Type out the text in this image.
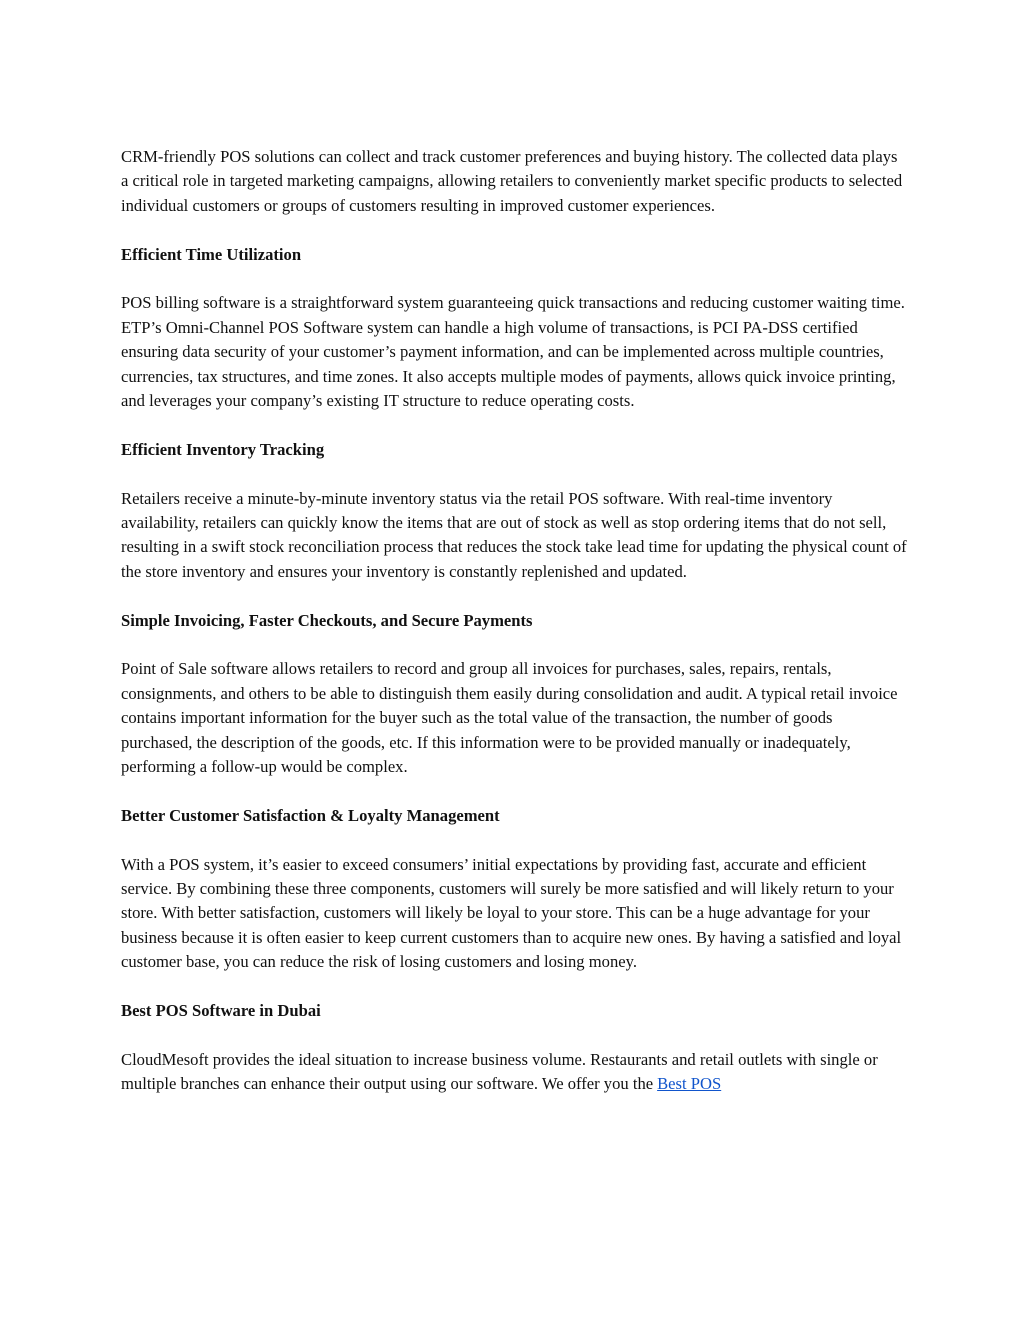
CRM-friendly POS solutions can collect and track customer preferences and buying history. The collected data plays a critical role in targeted marketing campaigns, allowing retailers to conveniently market specific products to selected individual customers or groups of customers resulting in improved customer experiences.

Efficient Time Utilization

POS billing software is a straightforward system guaranteeing quick transactions and reducing customer waiting time. ETP’s Omni-Channel POS Software system can handle a high volume of transactions, is PCI PA-DSS certified ensuring data security of your customer’s payment information, and can be implemented across multiple countries, currencies, tax structures, and time zones. It also accepts multiple modes of payments, allows quick invoice printing, and leverages your company’s existing IT structure to reduce operating costs.

Efficient Inventory Tracking

Retailers receive a minute-by-minute inventory status via the retail POS software. With real-time inventory availability, retailers can quickly know the items that are out of stock as well as stop ordering items that do not sell, resulting in a swift stock reconciliation process that reduces the stock take lead time for updating the physical count of the store inventory and ensures your inventory is constantly replenished and updated.

Simple Invoicing, Faster Checkouts, and Secure Payments

Point of Sale software allows retailers to record and group all invoices for purchases, sales, repairs, rentals, consignments, and others to be able to distinguish them easily during consolidation and audit. A typical retail invoice contains important information for the buyer such as the total value of the transaction, the number of goods purchased, the description of the goods, etc. If this information were to be provided manually or inadequately, performing a follow-up would be complex.

Better Customer Satisfaction & Loyalty Management

With a POS system, it’s easier to exceed consumers’ initial expectations by providing fast, accurate and efficient service. By combining these three components, customers will surely be more satisfied and will likely return to your store. With better satisfaction, customers will likely be loyal to your store. This can be a huge advantage for your business because it is often easier to keep current customers than to acquire new ones. By having a satisfied and loyal customer base, you can reduce the risk of losing customers and losing money.

Best POS Software in Dubai

CloudMesoft provides the ideal situation to increase business volume. Restaurants and retail outlets with single or multiple branches can enhance their output using our software. We offer you the Best POS
